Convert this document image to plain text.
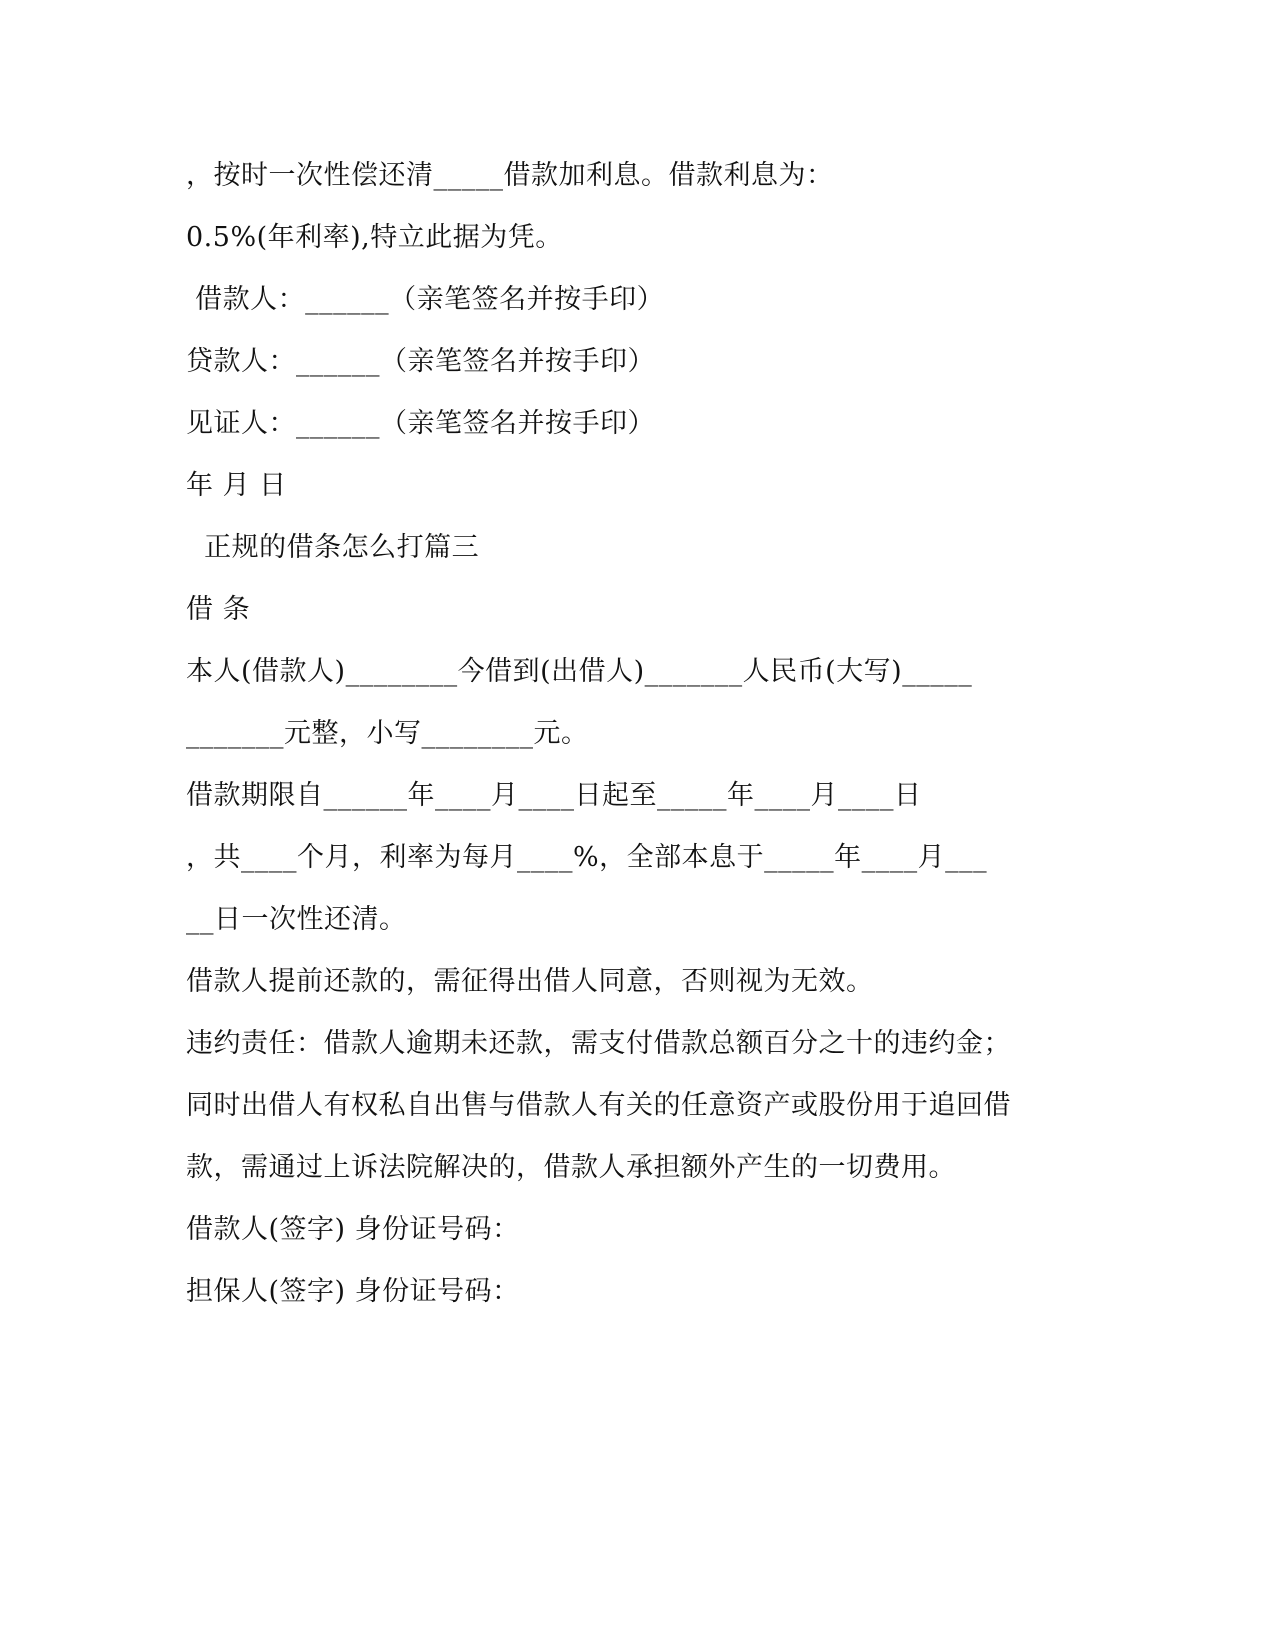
，按时一次性偿还清_____借款加利息。借款利息为：
0.5%(年利率),特立此据为凭。
借款人：______（亲笔签名并按手印）
贷款人：______（亲笔签名并按手印）
见证人：______（亲笔签名并按手印）
年 月 日
正规的借条怎么打篇三
借 条
本人(借款人)________今借到(出借人)_______人民币(大写)_____
_______元整，小写________元。
借款期限自______年____月____日起至_____年____月____日
，共____个月，利率为每月____%，全部本息于_____年____月___
__日一次性还清。
借款人提前还款的，需征得出借人同意，否则视为无效。
违约责任：借款人逾期未还款，需支付借款总额百分之十的违约金；
同时出借人有权私自出售与借款人有关的任意资产或股份用于追回借
款，需通过上诉法院解决的，借款人承担额外产生的一切费用。
借款人(签字) 身份证号码：
担保人(签字) 身份证号码：
